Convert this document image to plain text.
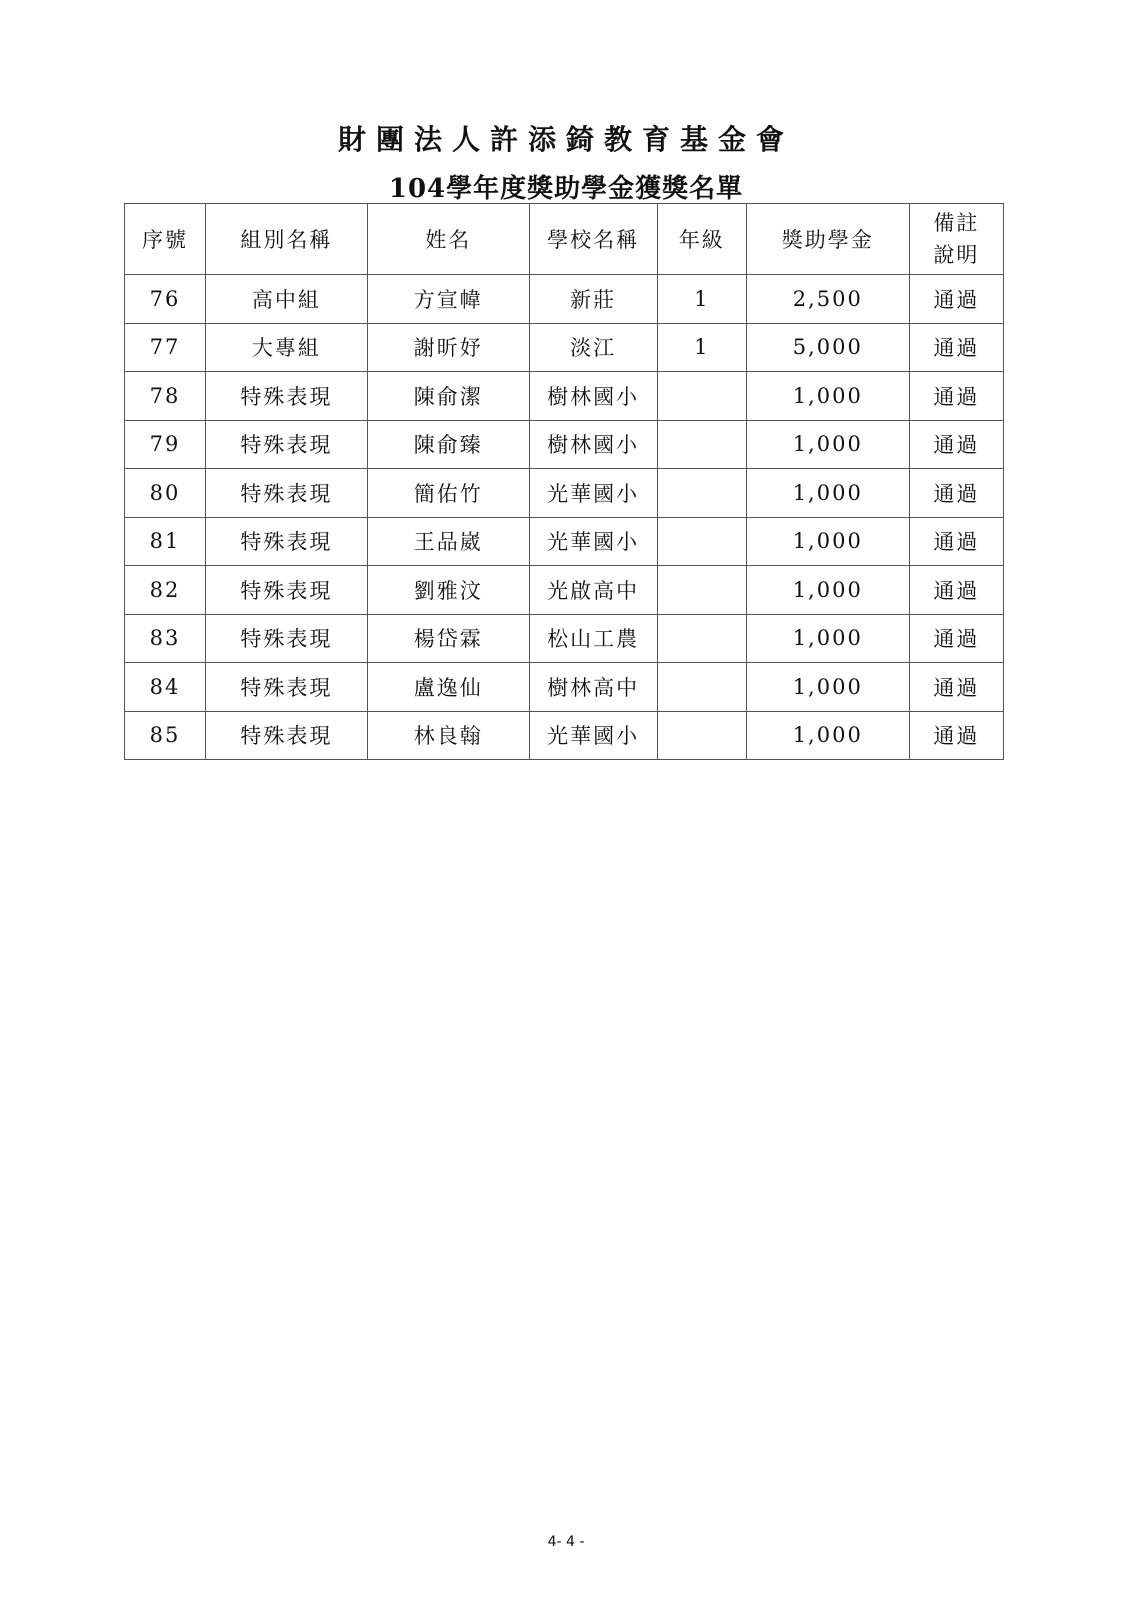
財團法人許添錡教育基金會
104學年度獎助學金獲獎名單
序號	組別名稱	姓名	學校名稱	年級	獎助學金	備註
說明

76	高中組	方宣幃	新莊	1	2,500	通過
77	大專組	謝昕妤	淡江	1	5,000	通過
78	特殊表現	陳俞潔	樹林國小		1,000	通過
79	特殊表現	陳俞臻	樹林國小		1,000	通過
80	特殊表現	簡佑竹	光華國小		1,000	通過
81	特殊表現	王品崴	光華國小		1,000	通過
82	特殊表現	劉雅汶	光啟高中		1,000	通過
83	特殊表現	楊岱霖	松山工農		1,000	通過
84	特殊表現	盧逸仙	樹林高中		1,000	通過
85	特殊表現	林良翰	光華國小		1,000	通過
4- 4 -
